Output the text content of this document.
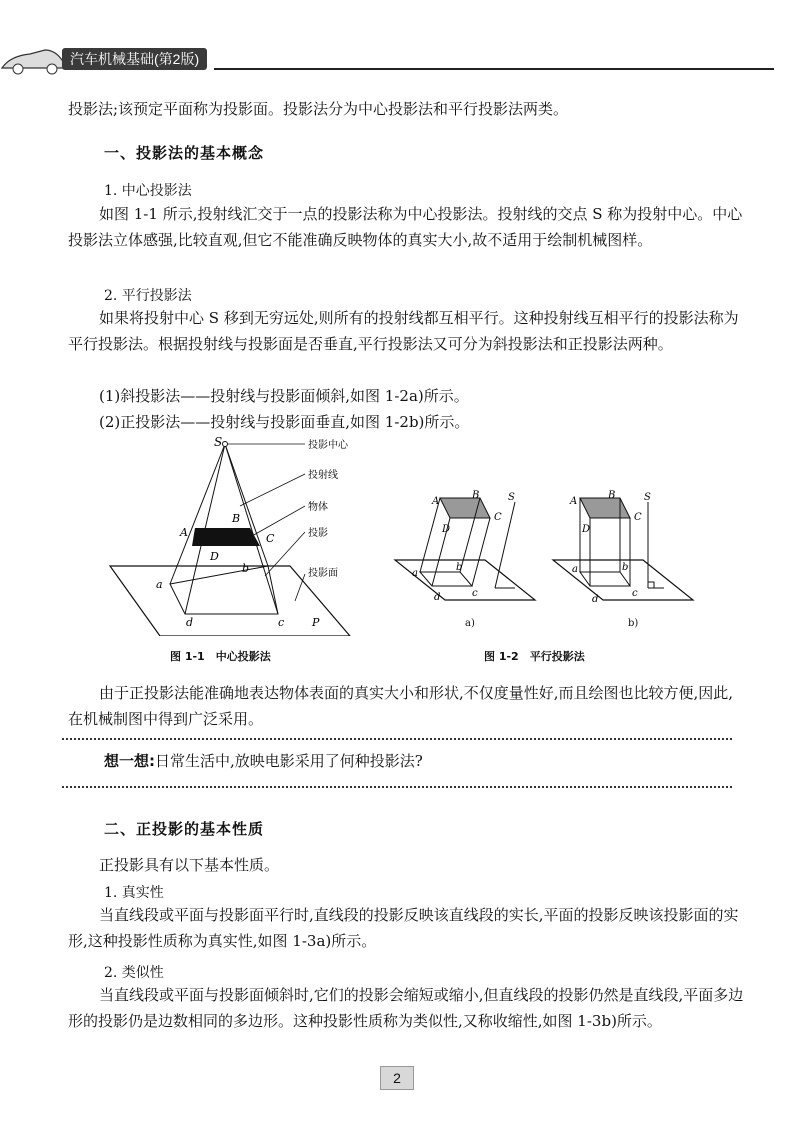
汽车机械基础(第2版)
投影法;该预定平面称为投影面。投影法分为中心投影法和平行投影法两类。
一、投影法的基本概念
1. 中心投影法
如图 1-1 所示,投射线汇交于一点的投影法称为中心投影法。投射线的交点 S 称为投射中心。中心投影法立体感强,比较直观,但它不能准确反映物体的真实大小,故不适用于绘制机械图样。
2. 平行投影法
如果将投射中心 S 移到无穷远处,则所有的投射线都互相平行。这种投射线互相平行的投影法称为平行投影法。根据投射线与投影面是否垂直,平行投影法又可分为斜投影法和正投影法两种。
(1)斜投影法——投射线与投影面倾斜,如图 1-2a)所示。
(2)正投影法——投射线与投影面垂直,如图 1-2b)所示。
S
A
B
C
D
a
b
c
d	P
投影中心
投射线
物体
投影
投影面
图 1-1　中心投影法
A
B
C
D
S
a
b
c
d
a)
A
B
C
D
S
a	b
c
d
b)
图 1-2　平行投影法
由于正投影法能准确地表达物体表面的真实大小和形状,不仅度量性好,而且绘图也比较方便,因此,在机械制图中得到广泛采用。
想一想:日常生活中,放映电影采用了何种投影法?
二、正投影的基本性质
正投影具有以下基本性质。
1. 真实性
当直线段或平面与投影面平行时,直线段的投影反映该直线段的实长,平面的投影反映该投影面的实形,这种投影性质称为真实性,如图 1-3a)所示。
2. 类似性
当直线段或平面与投影面倾斜时,它们的投影会缩短或缩小,但直线段的投影仍然是直线段,平面多边形的投影仍是边数相同的多边形。这种投影性质称为类似性,又称收缩性,如图 1-3b)所示。
2
